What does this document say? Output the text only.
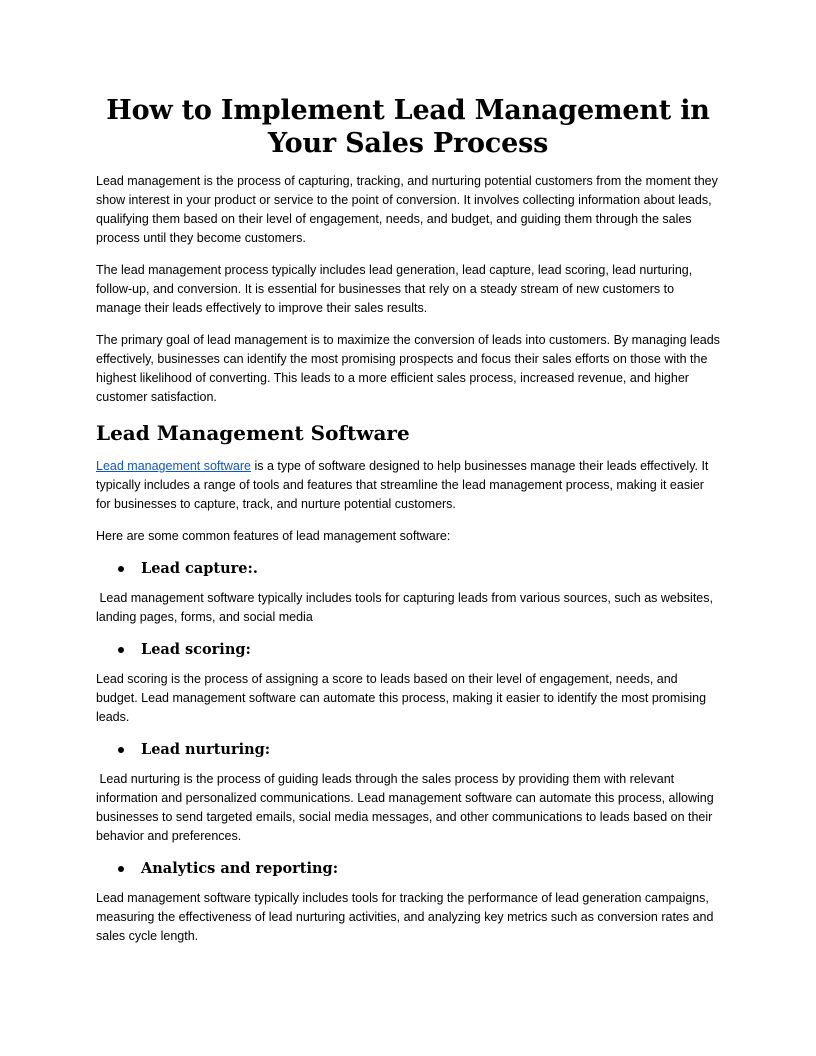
How to Implement Lead Management in Your Sales Process

Lead management is the process of capturing, tracking, and nurturing potential customers from the moment they show interest in your product or service to the point of conversion. It involves collecting information about leads, qualifying them based on their level of engagement, needs, and budget, and guiding them through the sales process until they become customers.

The lead management process typically includes lead generation, lead capture, lead scoring, lead nurturing, follow-up, and conversion. It is essential for businesses that rely on a steady stream of new customers to manage their leads effectively to improve their sales results.

The primary goal of lead management is to maximize the conversion of leads into customers. By managing leads effectively, businesses can identify the most promising prospects and focus their sales efforts on those with the highest likelihood of converting. This leads to a more efficient sales process, increased revenue, and higher customer satisfaction.

Lead Management Software

Lead management software is a type of software designed to help businesses manage their leads effectively. It typically includes a range of tools and features that streamline the lead management process, making it easier for businesses to capture, track, and nurture potential customers.

Here are some common features of lead management software:

Lead capture:.

Lead management software typically includes tools for capturing leads from various sources, such as websites, landing pages, forms, and social media

Lead scoring:

Lead scoring is the process of assigning a score to leads based on their level of engagement, needs, and budget. Lead management software can automate this process, making it easier to identify the most promising leads.

Lead nurturing:

Lead nurturing is the process of guiding leads through the sales process by providing them with relevant information and personalized communications. Lead management software can automate this process, allowing businesses to send targeted emails, social media messages, and other communications to leads based on their behavior and preferences.

Analytics and reporting:

Lead management software typically includes tools for tracking the performance of lead generation campaigns, measuring the effectiveness of lead nurturing activities, and analyzing key metrics such as conversion rates and sales cycle length.
